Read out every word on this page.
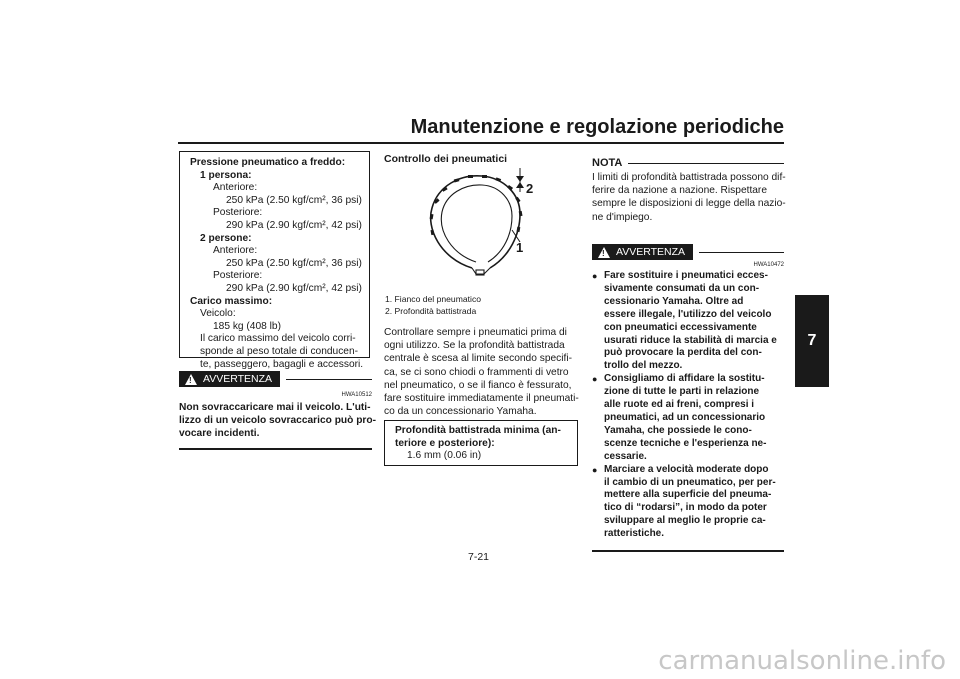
Manutenzione e regolazione periodiche
7
Pressione pneumatico a freddo:
1 persona:
Anteriore:
250 kPa (2.50 kgf/cm², 36 psi)
Posteriore:
290 kPa (2.90 kgf/cm², 42 psi)
2 persone:
Anteriore:
250 kPa (2.50 kgf/cm², 36 psi)
Posteriore:
290 kPa (2.90 kgf/cm², 42 psi)
Carico massimo:
Veicolo:
185 kg (408 lb)
Il carico massimo del veicolo corri-
sponde al peso totale di conducen-
te, passeggero, bagagli e accessori.
! AVVERTENZA
HWA10512
Non sovraccaricare mai il veicolo. L'uti-
lizzo di un veicolo sovraccarico può pro-
vocare incidenti.
Controllo dei pneumatici
2
1
1. Fianco del pneumatico
2. Profondità battistrada
Controllare sempre i pneumatici prima di
ogni utilizzo. Se la profondità battistrada
centrale è scesa al limite secondo specifi-
ca, se ci sono chiodi o frammenti di vetro
nel pneumatico, o se il fianco è fessurato,
fare sostituire immediatamente il pneumati-
co da un concessionario Yamaha.
Profondità battistrada minima (an-
teriore e posteriore):
1.6 mm (0.06 in)
NOTA
I limiti di profondità battistrada possono dif-
ferire da nazione a nazione. Rispettare
sempre le disposizioni di legge della nazio-
ne d'impiego.
! AVVERTENZA
HWA10472
● Fare sostituire i pneumatici ecces-
sivamente consumati da un con-
cessionario Yamaha. Oltre ad
essere illegale, l'utilizzo del veicolo
con pneumatici eccessivamente
usurati riduce la stabilità di marcia e
può provocare la perdita del con-
trollo del mezzo.
● Consigliamo di affidare la sostitu-
zione di tutte le parti in relazione
alle ruote ed ai freni, compresi i
pneumatici, ad un concessionario
Yamaha, che possiede le cono-
scenze tecniche e l'esperienza ne-
cessarie.
● Marciare a velocità moderate dopo
il cambio di un pneumatico, per per-
mettere alla superficie del pneuma-
tico di “rodarsi”, in modo da poter
sviluppare al meglio le proprie ca-
ratteristiche.
7-21
carmanualsonline.info
